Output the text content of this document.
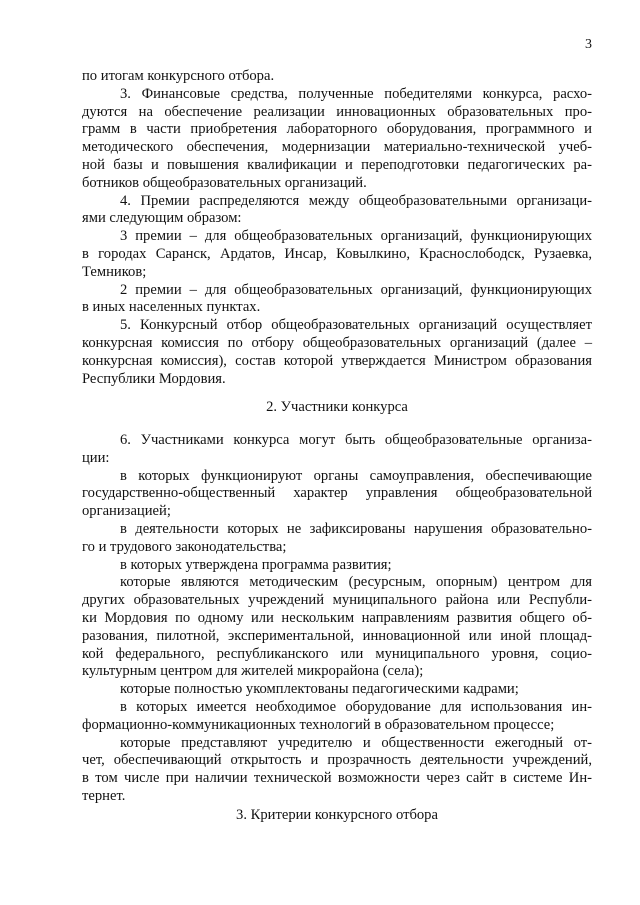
3
по итогам конкурсного отбора.
3. Финансовые средства, полученные победителями конкурса, расхо-
дуются на обеспечение реализации инновационных образовательных про-
грамм в части приобретения лабораторного оборудования, программного и
методического обеспечения, модернизации материально-технической учеб-
ной базы и повышения квалификации и переподготовки педагогических ра-
ботников общеобразовательных организаций.
4. Премии распределяются между общеобразовательными организаци-
ями следующим образом:
3 премии – для общеобразовательных организаций, функционирующих
в городах Саранск, Ардатов, Инсар, Ковылкино, Краснослободск, Рузаевка,
Темников;
2 премии – для общеобразовательных организаций, функционирующих
в иных населенных пунктах.
5. Конкурсный отбор общеобразовательных организаций осуществляет
конкурсная комиссия по отбору общеобразовательных организаций (далее –
конкурсная комиссия), состав которой утверждается Министром образования
Республики Мордовия.
2. Участники конкурса
6. Участниками конкурса могут быть общеобразовательные организа-
ции:
в которых функционируют органы самоуправления, обеспечивающие
государственно-общественный характер управления общеобразовательной
организацией;
в деятельности которых не зафиксированы нарушения образовательно-
го и трудового законодательства;
в которых утверждена программа развития;
которые являются методическим (ресурсным, опорным) центром для
других образовательных учреждений муниципального района или Республи-
ки Мордовия по одному или нескольким направлениям развития общего об-
разования, пилотной, экспериментальной, инновационной или иной площад-
кой федерального, республиканского или муниципального уровня, социо-
культурным центром для жителей микрорайона (села);
которые полностью укомплектованы педагогическими кадрами;
в которых имеется необходимое оборудование для использования ин-
формационно-коммуникационных технологий в образовательном процессе;
которые представляют учредителю и общественности ежегодный от-
чет, обеспечивающий открытость и прозрачность деятельности учреждений,
в том числе при наличии технической возможности через сайт в системе Ин-
тернет.
3. Критерии конкурсного отбора
